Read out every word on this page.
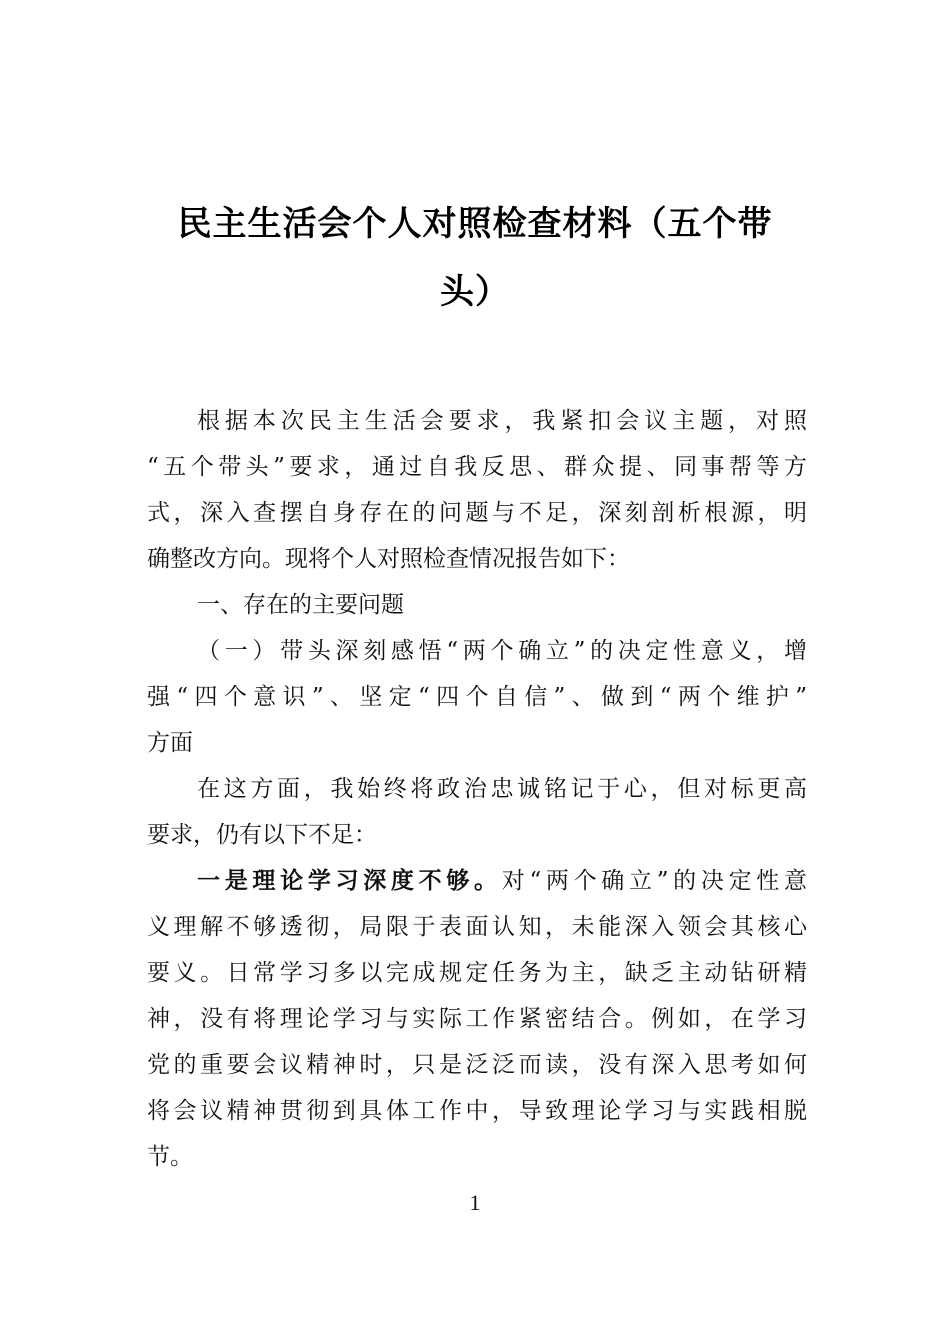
民主生活会个人对照检查材料（五个带
头）
根据本次民主生活会要求，我紧扣会议主题，对照
“五个带头”要求，通过自我反思、群众提、同事帮等方
式，深入查摆自身存在的问题与不足，深刻剖析根源，明
确整改方向。现将个人对照检查情况报告如下：
一、存在的主要问题
（一）带头深刻感悟“两个确立”的决定性意义，增
强“四个意识”、坚定“四个自信”、做到“两个维护”
方面
在这方面，我始终将政治忠诚铭记于心，但对标更高
要求，仍有以下不足：
一是理论学习深度不够。对“两个确立”的决定性意
义理解不够透彻，局限于表面认知，未能深入领会其核心
要义。日常学习多以完成规定任务为主，缺乏主动钻研精
神，没有将理论学习与实际工作紧密结合。例如，在学习
党的重要会议精神时，只是泛泛而读，没有深入思考如何
将会议精神贯彻到具体工作中，导致理论学习与实践相脱
节。
1
